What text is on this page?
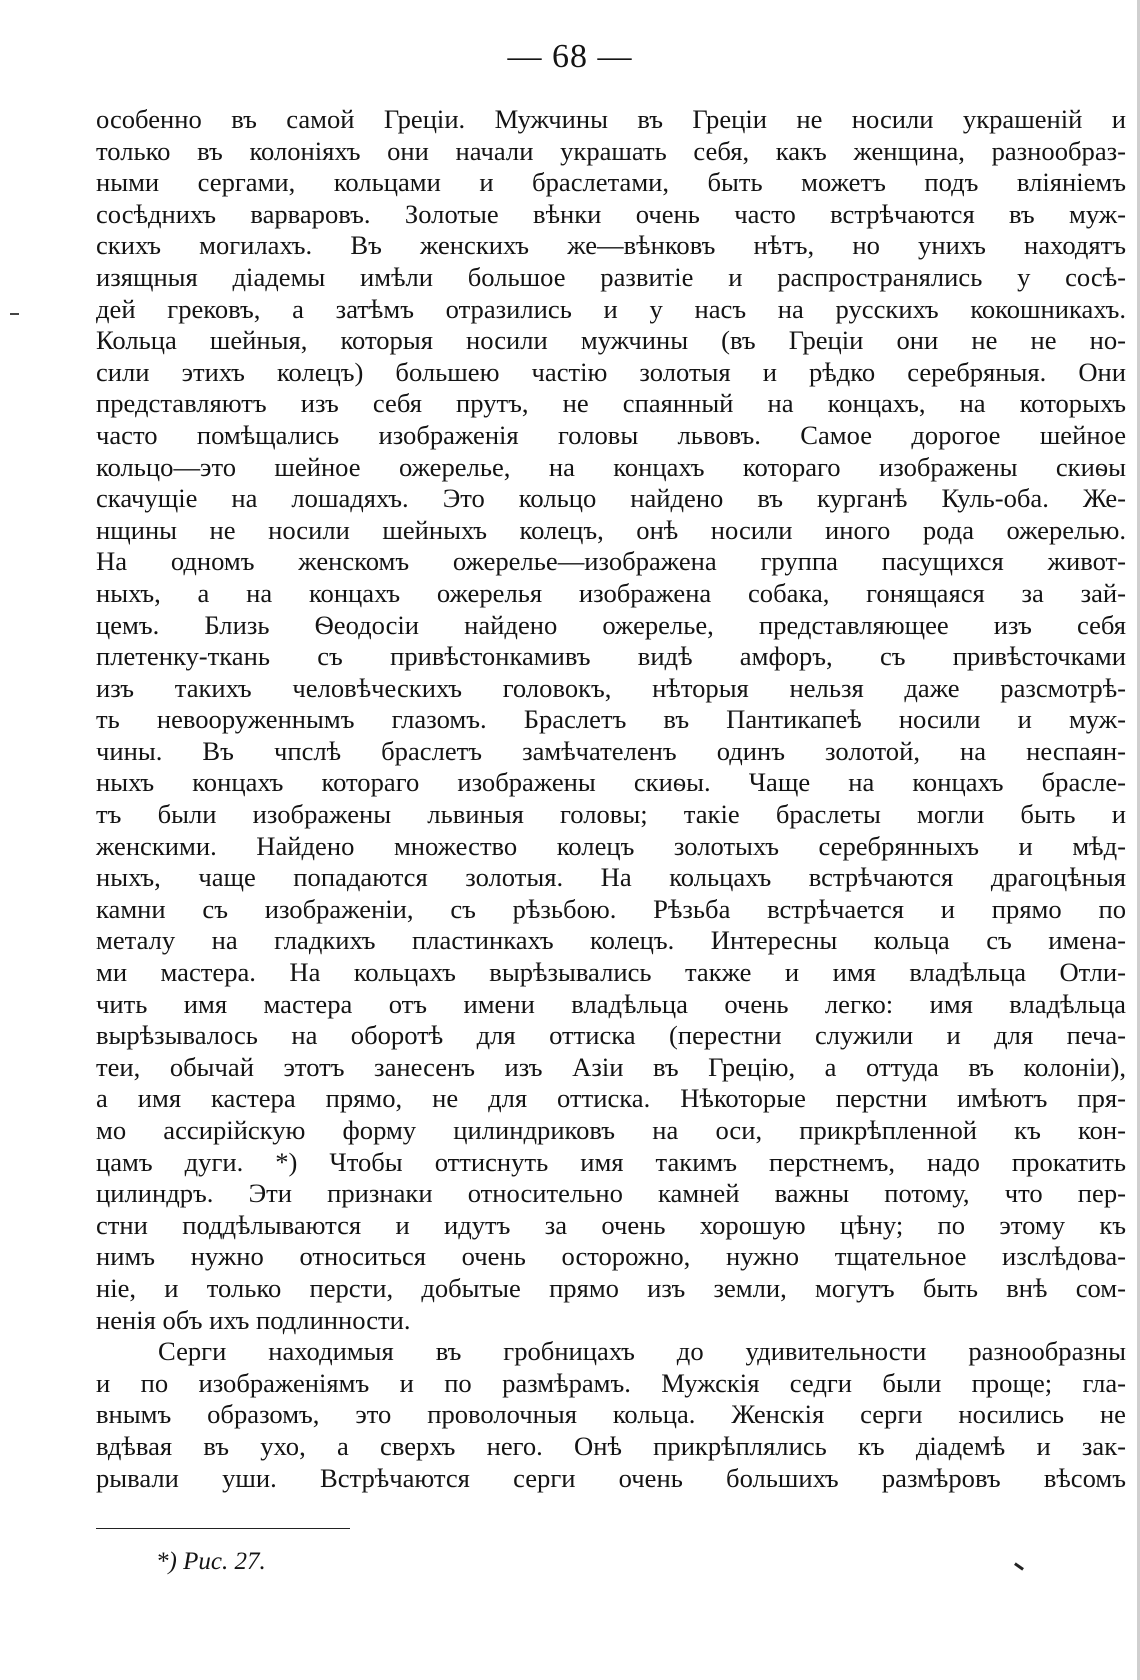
— 68 —
особенно въ самой Греціи. Мужчины въ Греціи не носили украшеній и
только въ колоніяхъ они начали украшать себя, какъ женщина, разнообраз-
ными сергами, кольцами и браслетами, быть можетъ подъ вліяніемъ
сосѣднихъ варваровъ. Золотые вѣнки очень часто встрѣчаются въ муж-
скихъ могилахъ. Въ женскихъ же—вѣнковъ нѣтъ, но унихъ находятъ
изящныя діадемы имѣли большое развитіе и распространялись у сосѣ-
дей грековъ, а затѣмъ отразились и у насъ на русскихъ кокошникахъ.
Кольца шейныя, которыя носили мужчины (въ Греціи они не не но-
сили этихъ колецъ) большею частію золотыя и рѣдко серебряныя. Они
представляютъ изъ себя прутъ, не спаянный на концахъ, на которыхъ
часто помѣщались изображенія головы львовъ. Самое дорогое шейное
кольцо—это шейное ожерелье, на концахъ котораго изображены скиѳы
скачущіе на лошадяхъ. Это кольцо найдено въ курганѣ Куль-оба. Же-
нщины не носили шейныхъ колецъ, онѣ носили иного рода ожерелью.
На одномъ женскомъ ожерелье—изображена группа пасущихся живот-
ныхъ, а на концахъ ожерелья изображена собака, гонящаяся за зай-
цемъ. Близь Ѳеодосіи найдено ожерелье, представляющее изъ себя
плетенку-ткань съ привѣстонкамивъ видѣ амфоръ, съ привѣсточками
изъ такихъ человѣческихъ головокъ, нѣторыя нельзя даже разсмотрѣ-
ть невооруженнымъ глазомъ. Браслетъ въ Пантикапеѣ носили и муж-
чины. Въ чпслѣ браслетъ замѣчателенъ одинъ золотой, на неспаян-
ныхъ концахъ котораго изображены скиѳы. Чаще на концахъ брасле-
тъ были изображены львиныя головы; такіе браслеты могли быть и
женскими. Найдено множество колецъ золотыхъ серебрянныхъ и мѣд-
ныхъ, чаще попадаются золотыя. На кольцахъ встрѣчаются драгоцѣныя
камни съ изображеніи, съ рѣзьбою. Рѣзьба встрѣчается и прямо по
металу на гладкихъ пластинкахъ колецъ. Интересны кольца съ имена-
ми мастера. На кольцахъ вырѣзывались также и имя владѣльца Отли-
чить имя мастера отъ имени владѣльца очень легко: имя владѣльца
вырѣзывалось на оборотѣ для оттиска (перестни служили и для печа-
теи, обычай этотъ занесенъ изъ Азіи въ Грецію, а оттуда въ колоніи),
а имя кастера прямо, не для оттиска. Нѣкоторые перстни имѣютъ пря-
мо ассирійскую форму цилиндриковъ на оси, прикрѣпленной къ кон-
цамъ дуги. *) Чтобы оттиснуть имя такимъ перстнемъ, надо прокатить
цилиндръ. Эти признаки относительно камней важны потому, что пер-
стни поддѣлываются и идутъ за очень хорошую цѣну; по этому къ
нимъ нужно относиться очень осторожно, нужно тщательное изслѣдова-
ніе, и только персти, добытые прямо изъ земли, могутъ быть внѣ сом-
ненія объ ихъ подлинности.
Серги находимыя въ гробницахъ до удивительности разнообразны
и по изображеніямъ и по размѣрамъ. Мужскія седги были проще; гла-
внымъ образомъ, это проволочныя кольца. Женскія серги носились не
вдѣвая въ ухо, а сверхъ него. Онѣ прикрѣплялись къ діадемѣ и зак-
рывали уши. Встрѣчаются серги очень большихъ размѣровъ вѣсомъ
*) Рис. 27.
